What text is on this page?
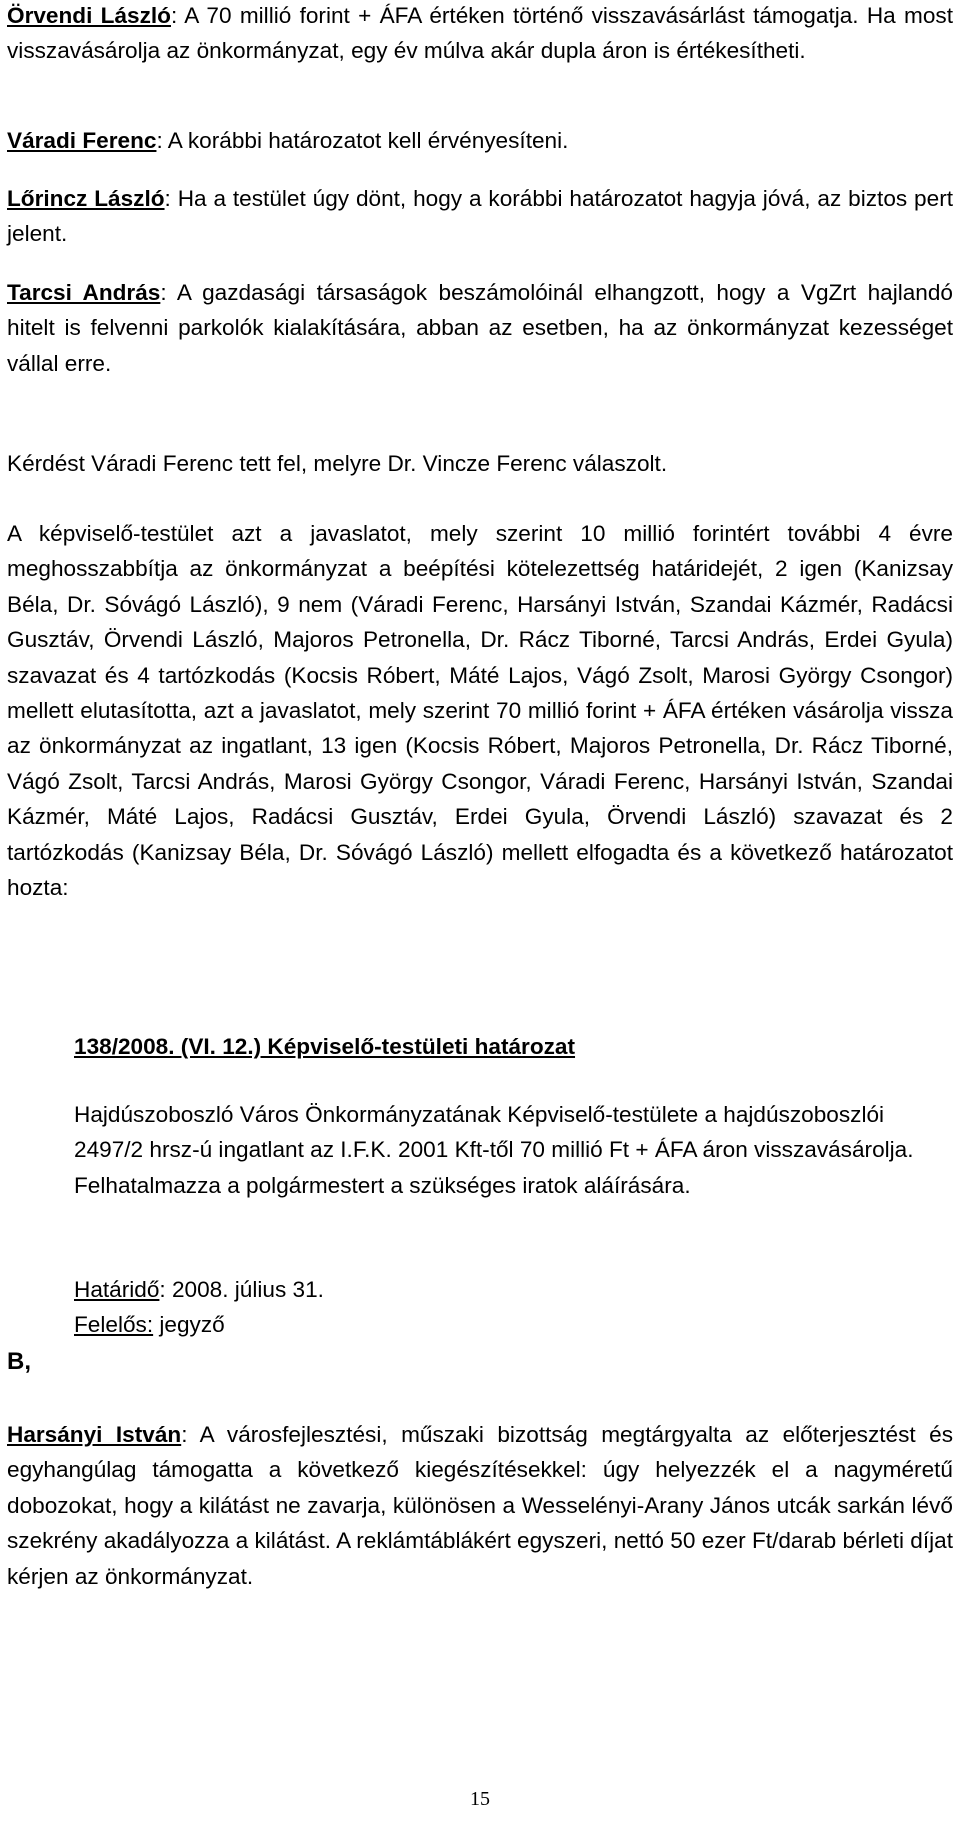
Örvendi László: A 70 millió forint + ÁFA értéken történő visszavásárlást támogatja. Ha most visszavásárolja az önkormányzat, egy év múlva akár dupla áron is értékesítheti.

Váradi Ferenc: A korábbi határozatot kell érvényesíteni.

Lőrincz László: Ha a testület úgy dönt, hogy a korábbi határozatot hagyja jóvá, az biztos pert jelent.

Tarcsi András: A gazdasági társaságok beszámolóinál elhangzott, hogy a VgZrt hajlandó hitelt is felvenni parkolók kialakítására, abban az esetben, ha az önkormányzat kezességet vállal erre.

Kérdést Váradi Ferenc tett fel, melyre Dr. Vincze Ferenc válaszolt.

A képviselő-testület azt a javaslatot, mely szerint 10 millió forintért további 4 évre meghosszabbítja az önkormányzat a beépítési kötelezettség határidejét, 2 igen (Kanizsay Béla, Dr. Sóvágó László), 9 nem (Váradi Ferenc, Harsányi István, Szandai Kázmér, Radácsi Gusztáv, Örvendi László, Majoros Petronella, Dr. Rácz Tiborné, Tarcsi András, Erdei Gyula) szavazat és 4 tartózkodás (Kocsis Róbert, Máté Lajos, Vágó Zsolt, Marosi György Csongor) mellett elutasította, azt a javaslatot, mely szerint 70 millió forint + ÁFA értéken vásárolja vissza az önkormányzat az ingatlant, 13 igen (Kocsis Róbert, Majoros Petronella, Dr. Rácz Tiborné, Vágó Zsolt, Tarcsi András, Marosi György Csongor, Váradi Ferenc, Harsányi István, Szandai Kázmér, Máté Lajos, Radácsi Gusztáv, Erdei Gyula, Örvendi László) szavazat és 2 tartózkodás (Kanizsay Béla, Dr. Sóvágó László) mellett elfogadta és a következő határozatot hozta:

138/2008. (VI. 12.) Képviselő-testületi határozat

Hajdúszoboszló Város Önkormányzatának Képviselő-testülete a hajdúszoboszlói 2497/2 hrsz-ú ingatlant az I.F.K. 2001 Kft-től 70 millió Ft + ÁFA áron visszavásárolja.
Felhatalmazza a polgármestert a szükséges iratok aláírására.

Határidő: 2008. július 31.
Felelős: jegyző

B,

Harsányi István: A városfejlesztési, műszaki bizottság megtárgyalta az előterjesztést és egyhangúlag támogatta a következő kiegészítésekkel: úgy helyezzék el a nagyméretű dobozokat, hogy a kilátást ne zavarja, különösen a Wesselényi-Arany János utcák sarkán lévő szekrény akadályozza a kilátást. A reklámtáblákért egyszeri, nettó 50 ezer Ft/darab bérleti díjat kérjen az önkormányzat.

15
